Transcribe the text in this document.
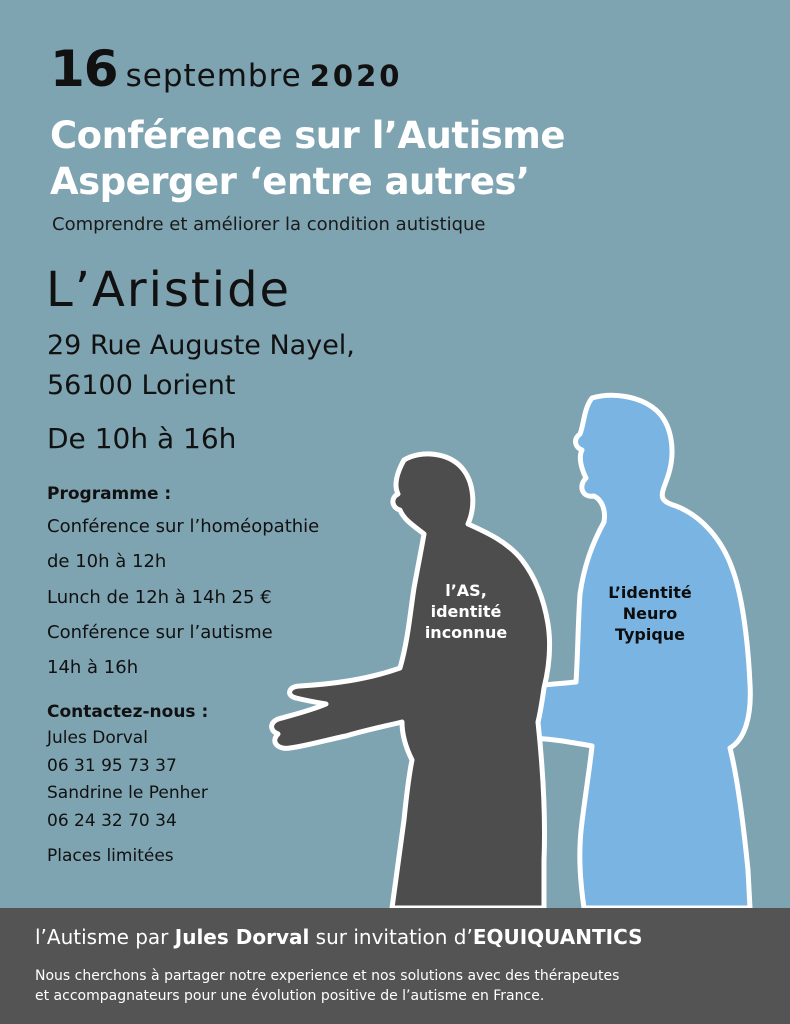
16 septembre 2020
Conférence sur l’Autisme
Asperger ‘entre autres’
Comprendre et améliorer la condition autistique
L’Aristide
29 Rue Auguste Nayel,
56100 Lorient
De 10h à 16h
Programme :
Conférence sur l’homéopathie
de 10h à 12h
Lunch de 12h à 14h 25 €
Conférence sur l’autisme
14h à 16h
Contactez-nous :
Jules Dorval
06 31 95 73 37
Sandrine le Penher
06 24 32 70 34
Places limitées
l’AS,
identité
inconnue
L’identité
Neuro
Typique
l’Autisme par Jules Dorval sur invitation d’EQUIQUANTICS
Nous cherchons à partager notre experience et nos solutions avec des thérapeutes
et accompagnateurs pour une évolution positive de l’autisme en France.
